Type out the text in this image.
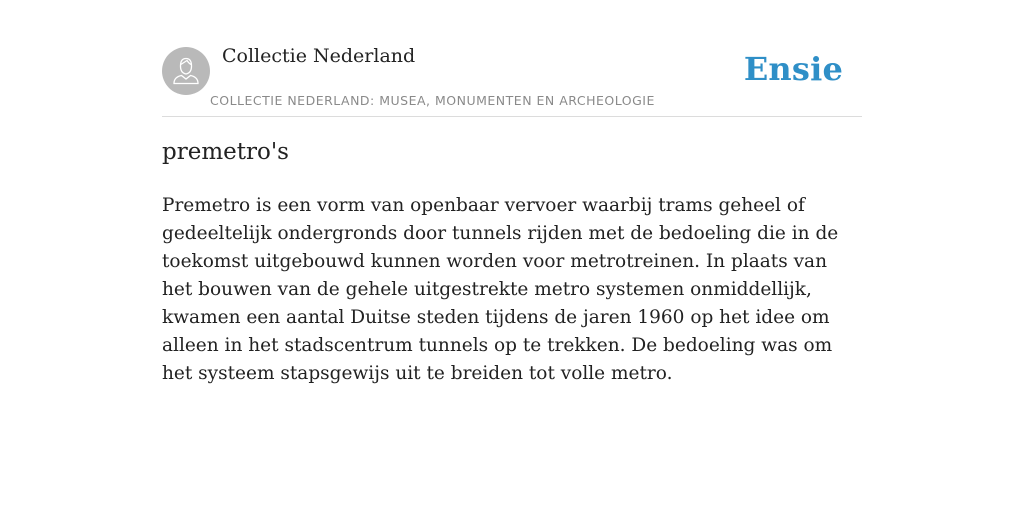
Collectie Nederland
COLLECTIE NEDERLAND: MUSEA, MONUMENTEN EN ARCHEOLOGIE
Ensie
premetro's

Premetro is een vorm van openbaar vervoer waarbij trams geheel of gedeeltelijk ondergronds door tunnels rijden met de bedoeling die in de toekomst uitgebouwd kunnen worden voor metrotreinen. In plaats van het bouwen van de gehele uitgestrekte metro systemen onmiddellijk, kwamen een aantal Duitse steden tijdens de jaren 1960 op het idee om alleen in het stadscentrum tunnels op te trekken. De bedoeling was om het systeem stapsgewijs uit te breiden tot volle metro.
